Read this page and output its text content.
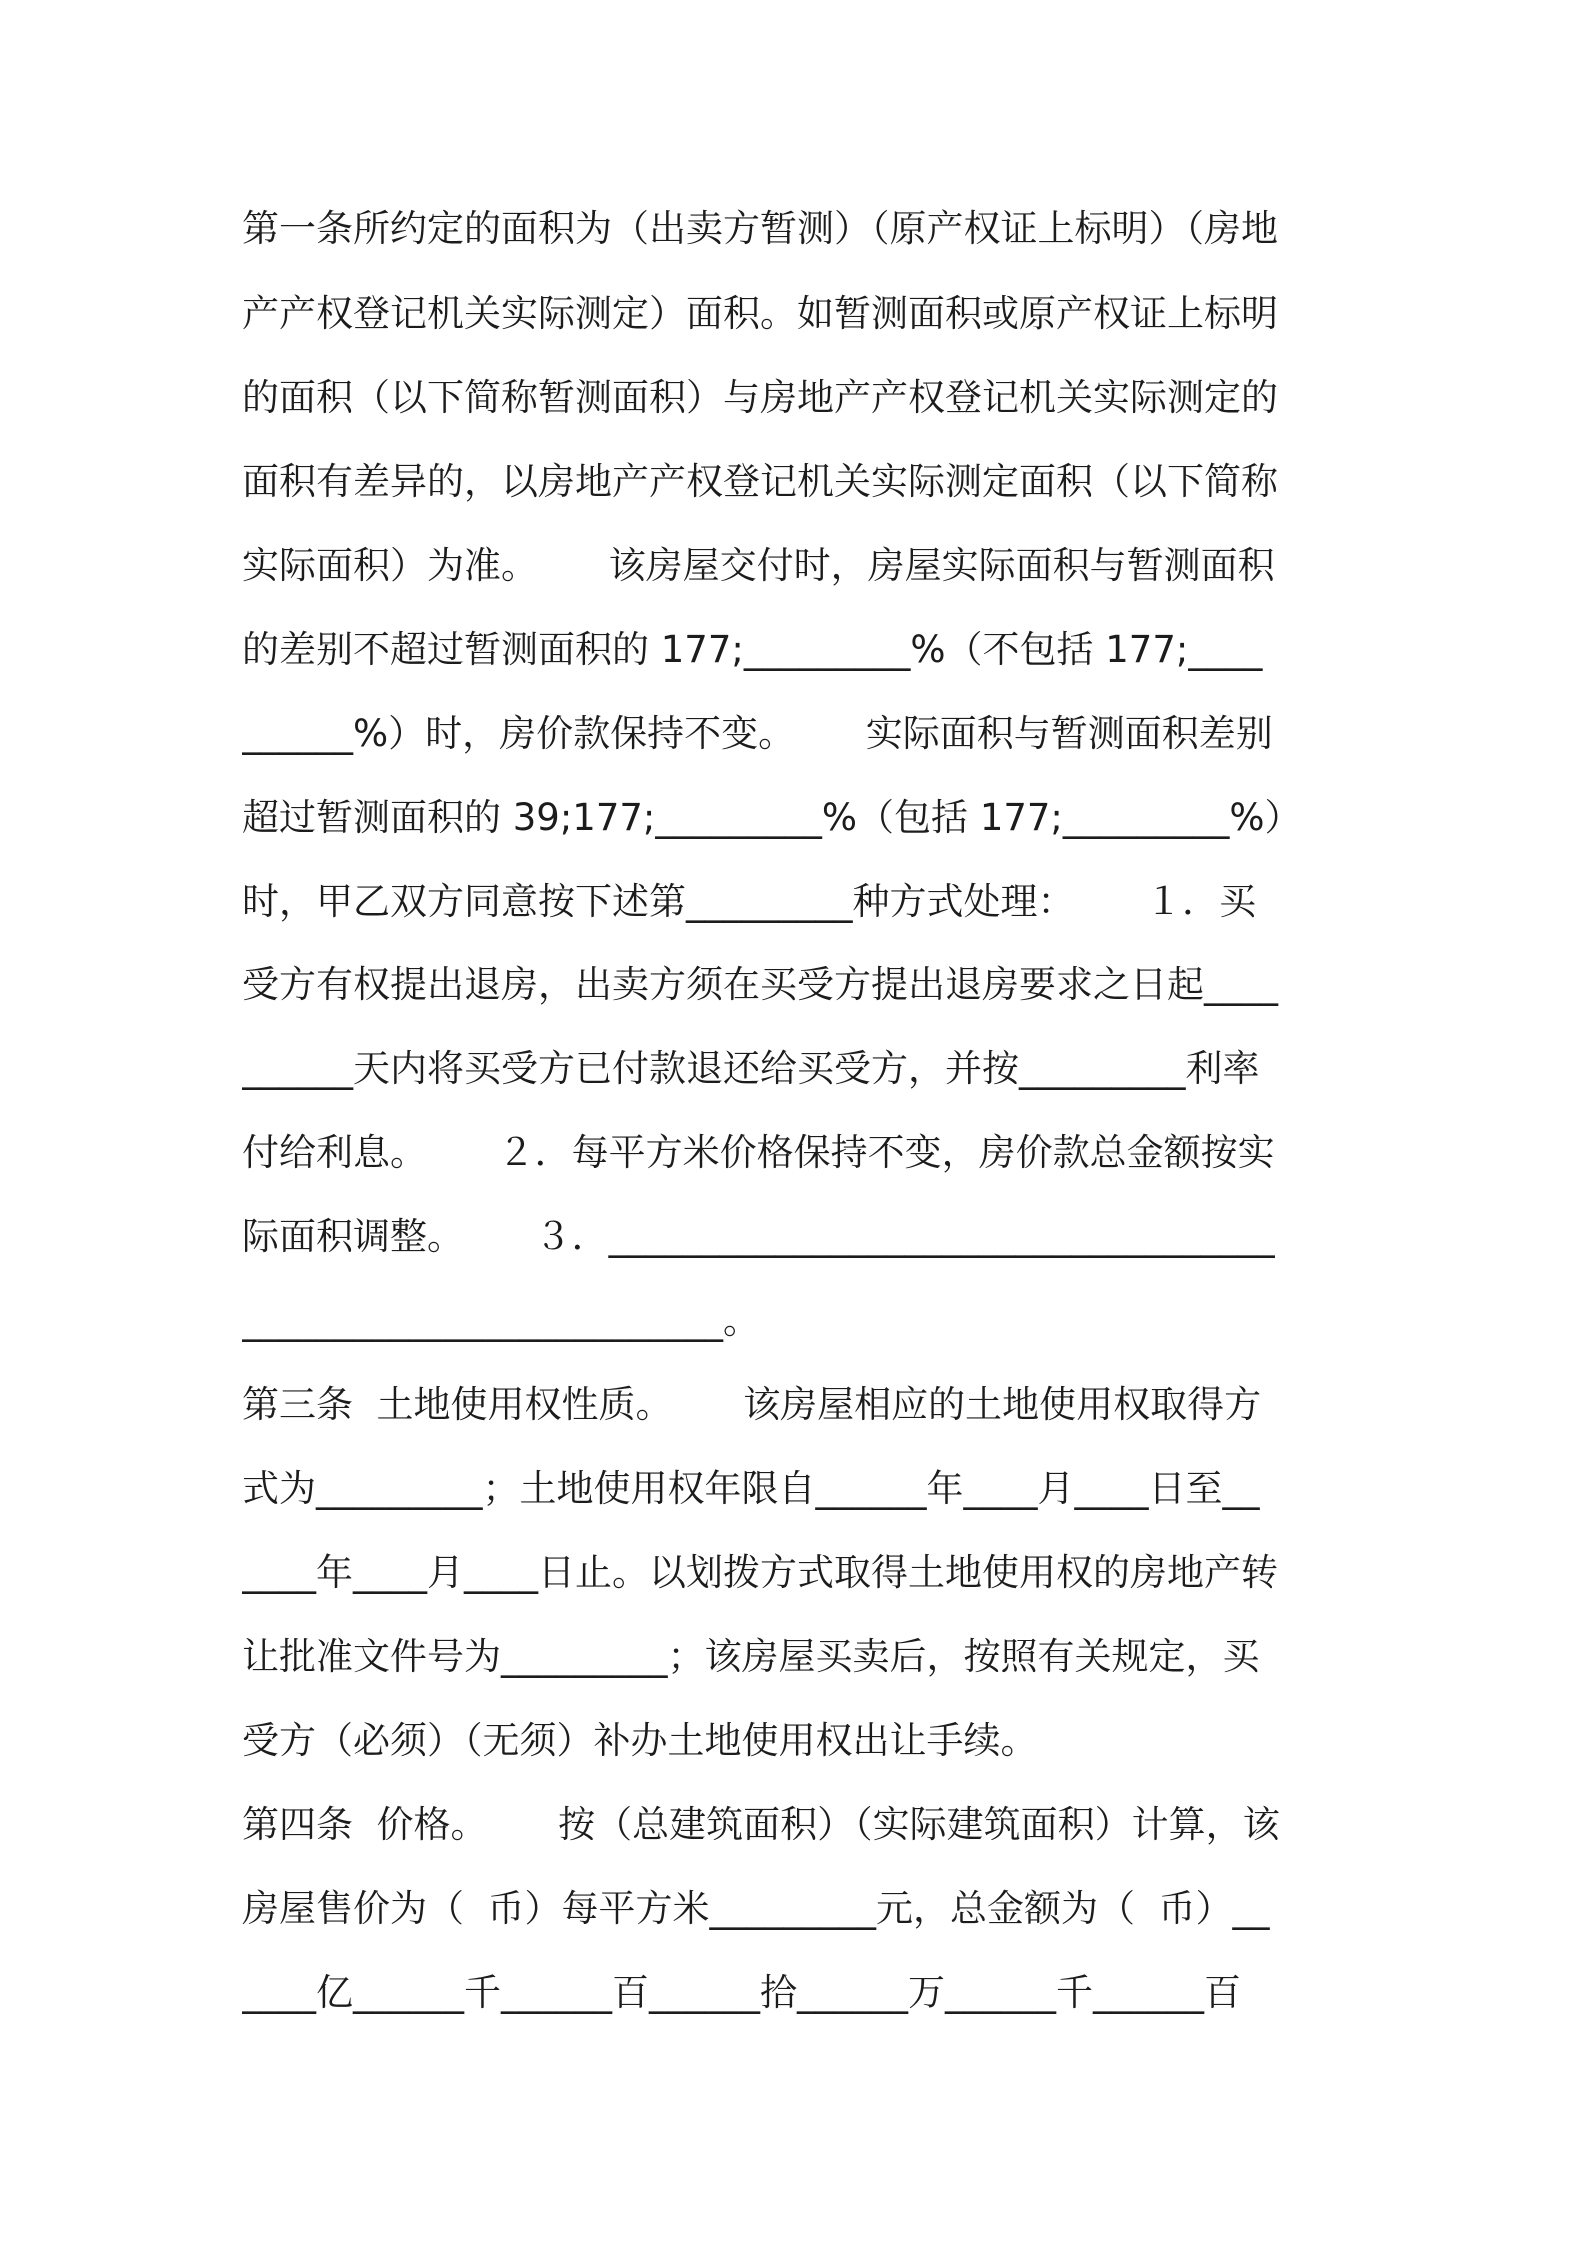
第一条所约定的面积为（出卖方暂测）（原产权证上标明）（房地
产产权登记机关实际测定）面积。如暂测面积或原产权证上标明
的面积（以下简称暂测面积）与房地产产权登记机关实际测定的
面积有差异的，以房地产产权登记机关实际测定面积（以下简称
实际面积）为准。      该房屋交付时，房屋实际面积与暂测面积
的差别不超过暂测面积的 177;_________%（不包括 177;____
______%）时，房价款保持不变。      实际面积与暂测面积差别
超过暂测面积的 39;177;_________%（包括 177;_________%）
时，甲乙双方同意按下述第_________种方式处理：      １．买
受方有权提出退房，出卖方须在买受方提出退房要求之日起____
______天内将买受方已付款退还给买受方，并按_________利率
付给利息。      ２．每平方米价格保持不变，房价款总金额按实
际面积调整。      ３．____________________________________
__________________________。
第三条  土地使用权性质。      该房屋相应的土地使用权取得方
式为_________；土地使用权年限自______年____月____日至__
____年____月____日止。以划拨方式取得土地使用权的房地产转
让批准文件号为_________；该房屋买卖后，按照有关规定，买
受方（必须）（无须）补办土地使用权出让手续。
第四条  价格。      按（总建筑面积）（实际建筑面积）计算，该
房屋售价为（  币）每平方米_________元，总金额为（  币）__
____亿______千______百______拾______万______千______百
